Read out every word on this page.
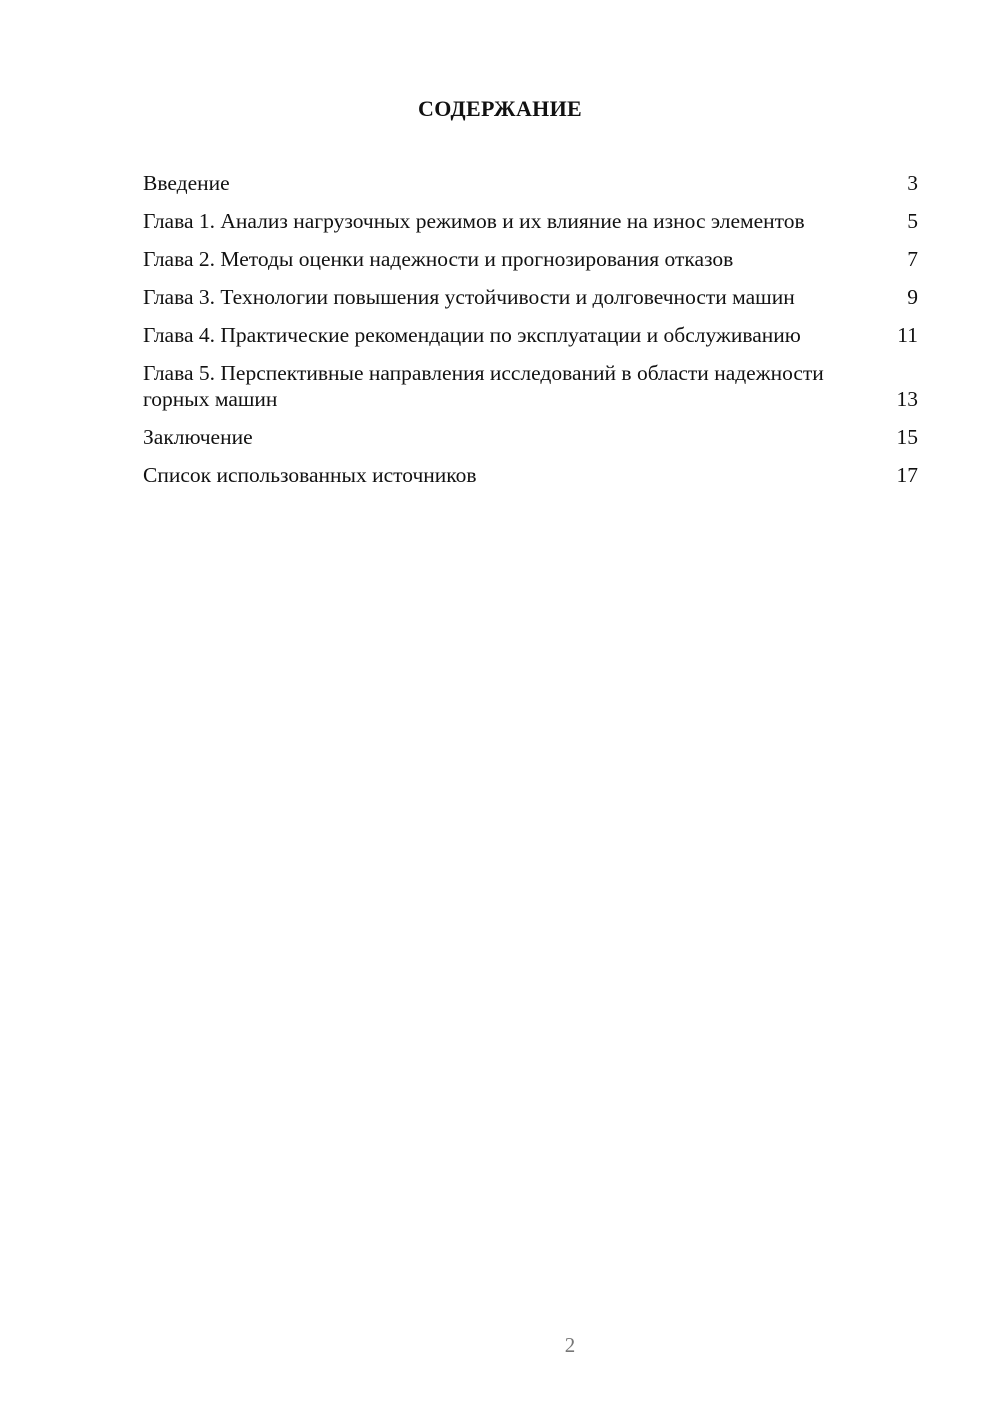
СОДЕРЖАНИЕ
Введение	3
Глава 1. Анализ нагрузочных режимов и их влияние на износ элементов	5
Глава 2. Методы оценки надежности и прогнозирования отказов	7
Глава 3. Технологии повышения устойчивости и долговечности машин	9
Глава 4. Практические рекомендации по эксплуатации и обслуживанию	11
Глава 5. Перспективные направления исследований в области надежности горных машин	13
Заключение	15
Список использованных источников	17
2
